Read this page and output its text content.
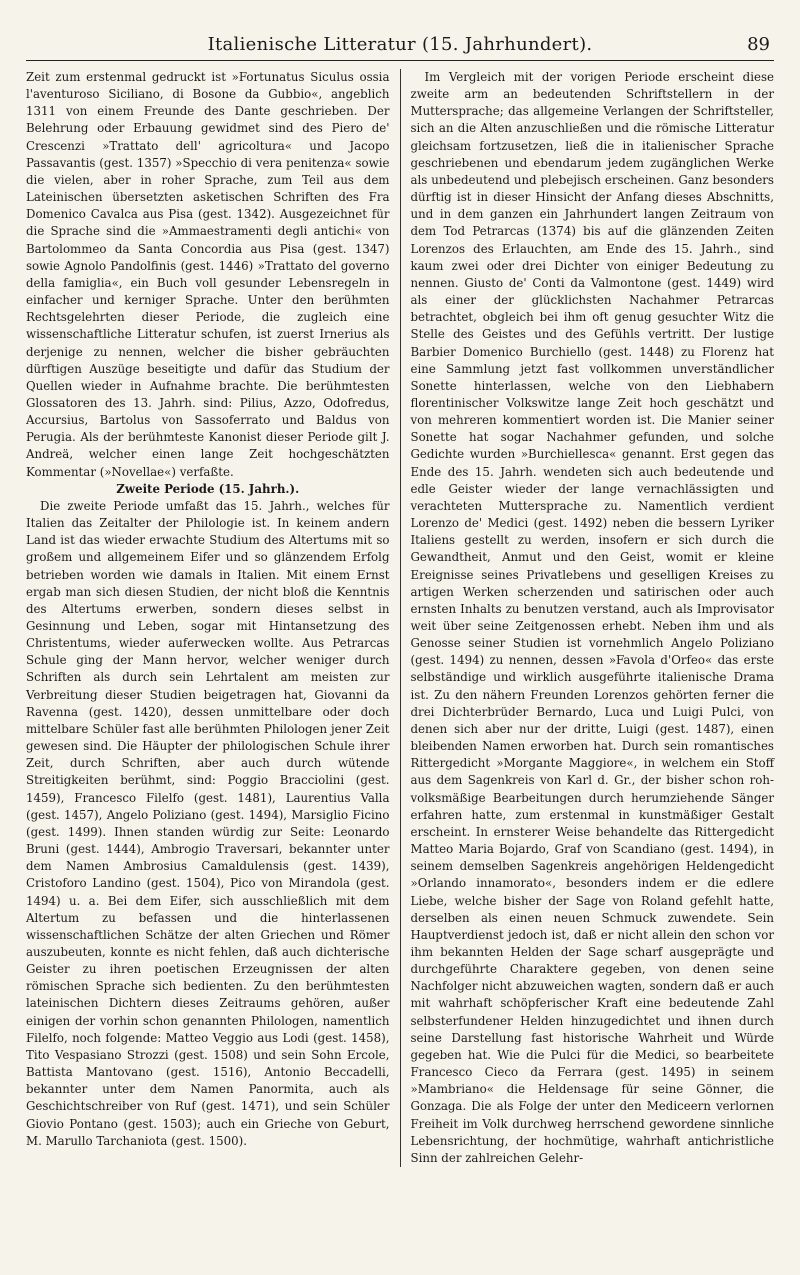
Italienische Litteratur (15. Jahrhundert).	89

Zeit zum erstenmal gedruckt ist »Fortunatus Siculus ossia l'aventuroso Siciliano, di Bosone da Gubbio«, angeblich 1311 von einem Freunde des Dante geschrieben. Der Belehrung oder Erbauung gewidmet sind des Piero de' Crescenzi »Trattato dell' agricoltura« und Jacopo Passavantis (gest. 1357) »Specchio di vera penitenza« sowie die vielen, aber in roher Sprache, zum Teil aus dem Lateinischen übersetzten asketischen Schriften des Fra Domenico Cavalca aus Pisa (gest. 1342). Ausgezeichnet für die Sprache sind die »Ammaestramenti degli antichi« von Bartolommeo da Santa Concordia aus Pisa (gest. 1347) sowie Agnolo Pandolfinis (gest. 1446) »Trattato del governo della famiglia«, ein Buch voll gesunder Lebensregeln in einfacher und kerniger Sprache. Unter den berühmten Rechtsgelehrten dieser Periode, die zugleich eine wissenschaftliche Litteratur schufen, ist zuerst Irnerius als derjenige zu nennen, welcher die bisher gebräuchten dürftigen Auszüge beseitigte und dafür das Studium der Quellen wieder in Aufnahme brachte. Die berühmtesten Glossatoren des 13. Jahrh. sind: Pilius, Azzo, Odofredus, Accursius, Bartolus von Sassoferrato und Baldus von Perugia. Als der berühmteste Kanonist dieser Periode gilt J. Andreä, welcher einen lange Zeit hochgeschätzten Kommentar (»Novellae«) verfaßte.

Zweite Periode (15. Jahrh.).

Die zweite Periode umfaßt das 15. Jahrh., welches für Italien das Zeitalter der Philologie ist. In keinem andern Land ist das wieder erwachte Studium des Altertums mit so großem und allgemeinem Eifer und so glänzendem Erfolg betrieben worden wie damals in Italien. Mit einem Ernst ergab man sich diesen Studien, der nicht bloß die Kenntnis des Altertums erwerben, sondern dieses selbst in Gesinnung und Leben, sogar mit Hintansetzung des Christentums, wieder auferwecken wollte. Aus Petrarcas Schule ging der Mann hervor, welcher weniger durch Schriften als durch sein Lehrtalent am meisten zur Verbreitung dieser Studien beigetragen hat, Giovanni da Ravenna (gest. 1420), dessen unmittelbare oder doch mittelbare Schüler fast alle berühmten Philologen jener Zeit gewesen sind. Die Häupter der philologischen Schule ihrer Zeit, durch Schriften, aber auch durch wütende Streitigkeiten berühmt, sind: Poggio Bracciolini (gest. 1459), Francesco Filelfo (gest. 1481), Laurentius Valla (gest. 1457), Angelo Poliziano (gest. 1494), Marsiglio Ficino (gest. 1499). Ihnen standen würdig zur Seite: Leonardo Bruni (gest. 1444), Ambrogio Traversari, bekannter unter dem Namen Ambrosius Camaldulensis (gest. 1439), Cristoforo Landino (gest. 1504), Pico von Mirandola (gest. 1494) u. a. Bei dem Eifer, sich ausschließlich mit dem Altertum zu befassen und die hinterlassenen wissenschaftlichen Schätze der alten Griechen und Römer auszubeuten, konnte es nicht fehlen, daß auch dichterische Geister zu ihren poetischen Erzeugnissen der alten römischen Sprache sich bedienten. Zu den berühmtesten lateinischen Dichtern dieses Zeitraums gehören, außer einigen der vorhin schon genannten Philologen, namentlich Filelfo, noch folgende: Matteo Veggio aus Lodi (gest. 1458), Tito Vespasiano Strozzi (gest. 1508) und sein Sohn Ercole, Battista Mantovano (gest. 1516), Antonio Beccadelli, bekannter unter dem Namen Panormita, auch als Geschichtschreiber von Ruf (gest. 1471), und sein Schüler Giovio Pontano (gest. 1503); auch ein Grieche von Geburt, M. Marullo Tarchaniota (gest. 1500).

Im Vergleich mit der vorigen Periode erscheint diese zweite arm an bedeutenden Schriftstellern in der Muttersprache; das allgemeine Verlangen der Schriftsteller, sich an die Alten anzuschließen und die römische Litteratur gleichsam fortzusetzen, ließ die in italienischer Sprache geschriebenen und ebendarum jedem zugänglichen Werke als unbedeutend und plebejisch erscheinen. Ganz besonders dürftig ist in dieser Hinsicht der Anfang dieses Abschnitts, und in dem ganzen ein Jahrhundert langen Zeitraum von dem Tod Petrarcas (1374) bis auf die glänzenden Zeiten Lorenzos des Erlauchten, am Ende des 15. Jahrh., sind kaum zwei oder drei Dichter von einiger Bedeutung zu nennen. Giusto de' Conti da Valmontone (gest. 1449) wird als einer der glücklichsten Nachahmer Petrarcas betrachtet, obgleich bei ihm oft genug gesuchter Witz die Stelle des Geistes und des Gefühls vertritt. Der lustige Barbier Domenico Burchiello (gest. 1448) zu Florenz hat eine Sammlung jetzt fast vollkommen unverständlicher Sonette hinterlassen, welche von den Liebhabern florentinischer Volkswitze lange Zeit hoch geschätzt und von mehreren kommentiert worden ist. Die Manier seiner Sonette hat sogar Nachahmer gefunden, und solche Gedichte wurden »Burchiellesca« genannt. Erst gegen das Ende des 15. Jahrh. wendeten sich auch bedeutende und edle Geister wieder der lange vernachlässigten und verachteten Muttersprache zu. Namentlich verdient Lorenzo de' Medici (gest. 1492) neben die bessern Lyriker Italiens gestellt zu werden, insofern er sich durch die Gewandtheit, Anmut und den Geist, womit er kleine Ereignisse seines Privatlebens und geselligen Kreises zu artigen Werken scherzenden und satirischen oder auch ernsten Inhalts zu benutzen verstand, auch als Improvisator weit über seine Zeitgenossen erhebt. Neben ihm und als Genosse seiner Studien ist vornehmlich Angelo Poliziano (gest. 1494) zu nennen, dessen »Favola d'Orfeo« das erste selbständige und wirklich ausgeführte italienische Drama ist. Zu den nähern Freunden Lorenzos gehörten ferner die drei Dichterbrüder Bernardo, Luca und Luigi Pulci, von denen sich aber nur der dritte, Luigi (gest. 1487), einen bleibenden Namen erworben hat. Durch sein romantisches Rittergedicht »Morgante Maggiore«, in welchem ein Stoff aus dem Sagenkreis von Karl d. Gr., der bisher schon roh-volksmäßige Bearbeitungen durch herumziehende Sänger erfahren hatte, zum erstenmal in kunstmäßiger Gestalt erscheint. In ernsterer Weise behandelte das Rittergedicht Matteo Maria Bojardo, Graf von Scandiano (gest. 1494), in seinem demselben Sagenkreis angehörigen Heldengedicht »Orlando innamorato«, besonders indem er die edlere Liebe, welche bisher der Sage von Roland gefehlt hatte, derselben als einen neuen Schmuck zuwendete. Sein Hauptverdienst jedoch ist, daß er nicht allein den schon vor ihm bekannten Helden der Sage scharf ausgeprägte und durchgeführte Charaktere gegeben, von denen seine Nachfolger nicht abzuweichen wagten, sondern daß er auch mit wahrhaft schöpferischer Kraft eine bedeutende Zahl selbsterfundener Helden hinzugedichtet und ihnen durch seine Darstellung fast historische Wahrheit und Würde gegeben hat. Wie die Pulci für die Medici, so bearbeitete Francesco Cieco da Ferrara (gest. 1495) in seinem »Mambriano« die Heldensage für seine Gönner, die Gonzaga. Die als Folge der unter den Mediceern verlornen Freiheit im Volk durchweg herrschend gewordene sinnliche Lebensrichtung, der hochmütige, wahrhaft antichristliche Sinn der zahlreichen Gelehr-
